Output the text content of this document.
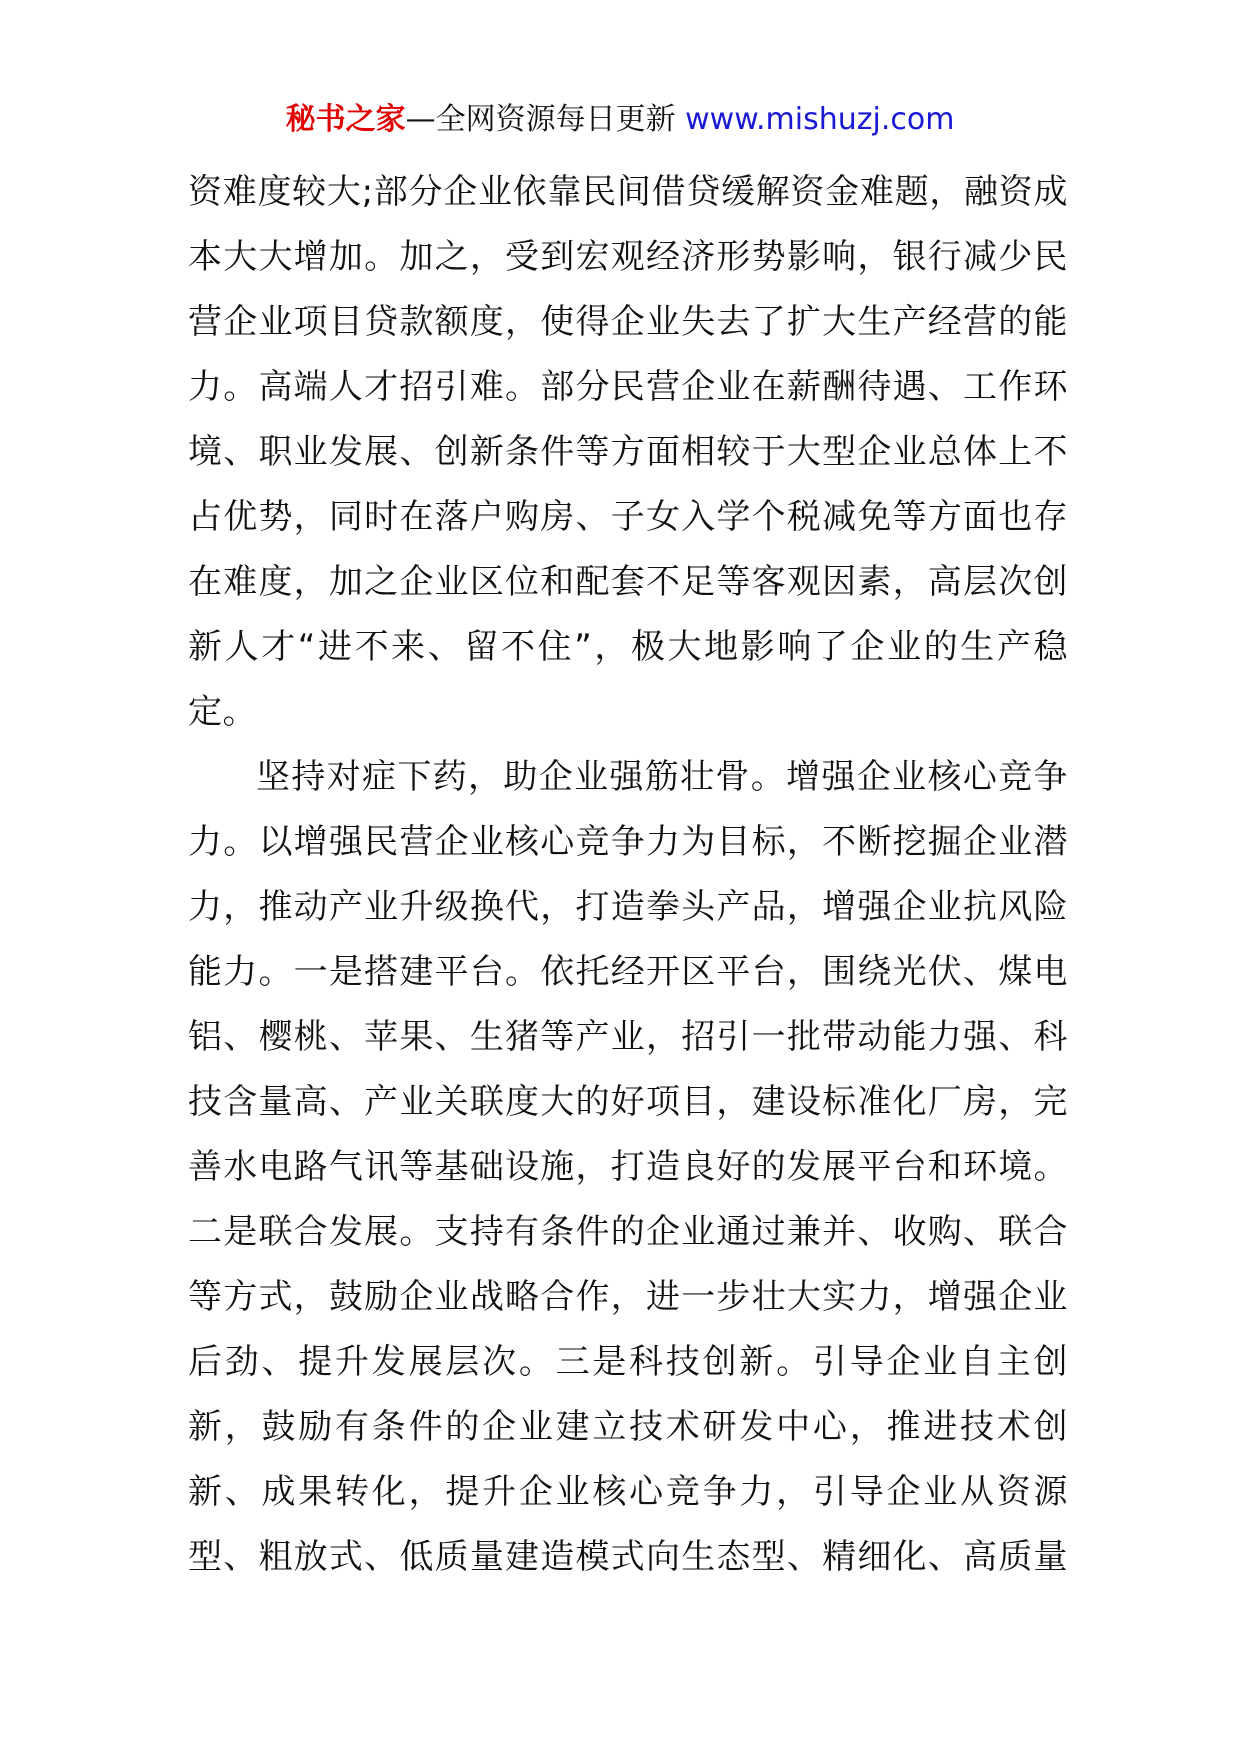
秘书之家—全网资源每日更新 www.mishuzj.com
资难度较大;部分企业依靠民间借贷缓解资金难题，融资成
本大大增加。加之，受到宏观经济形势影响，银行减少民
营企业项目贷款额度，使得企业失去了扩大生产经营的能
力。高端人才招引难。部分民营企业在薪酬待遇、工作环
境、职业发展、创新条件等方面相较于大型企业总体上不
占优势，同时在落户购房、子女入学个税减免等方面也存
在难度，加之企业区位和配套不足等客观因素，高层次创
新人才“进不来、留不住”，极大地影响了企业的生产稳
定。
坚持对症下药，助企业强筋壮骨。增强企业核心竞争
力。以增强民营企业核心竞争力为目标，不断挖掘企业潜
力，推动产业升级换代，打造拳头产品，增强企业抗风险
能力。一是搭建平台。依托经开区平台，围绕光伏、煤电
铝、樱桃、苹果、生猪等产业，招引一批带动能力强、科
技含量高、产业关联度大的好项目，建设标准化厂房，完
善水电路气讯等基础设施，打造良好的发展平台和环境。
二是联合发展。支持有条件的企业通过兼并、收购、联合
等方式，鼓励企业战略合作，进一步壮大实力，增强企业
后劲、提升发展层次。三是科技创新。引导企业自主创
新，鼓励有条件的企业建立技术研发中心，推进技术创
新、成果转化，提升企业核心竞争力，引导企业从资源
型、粗放式、低质量建造模式向生态型、精细化、高质量
